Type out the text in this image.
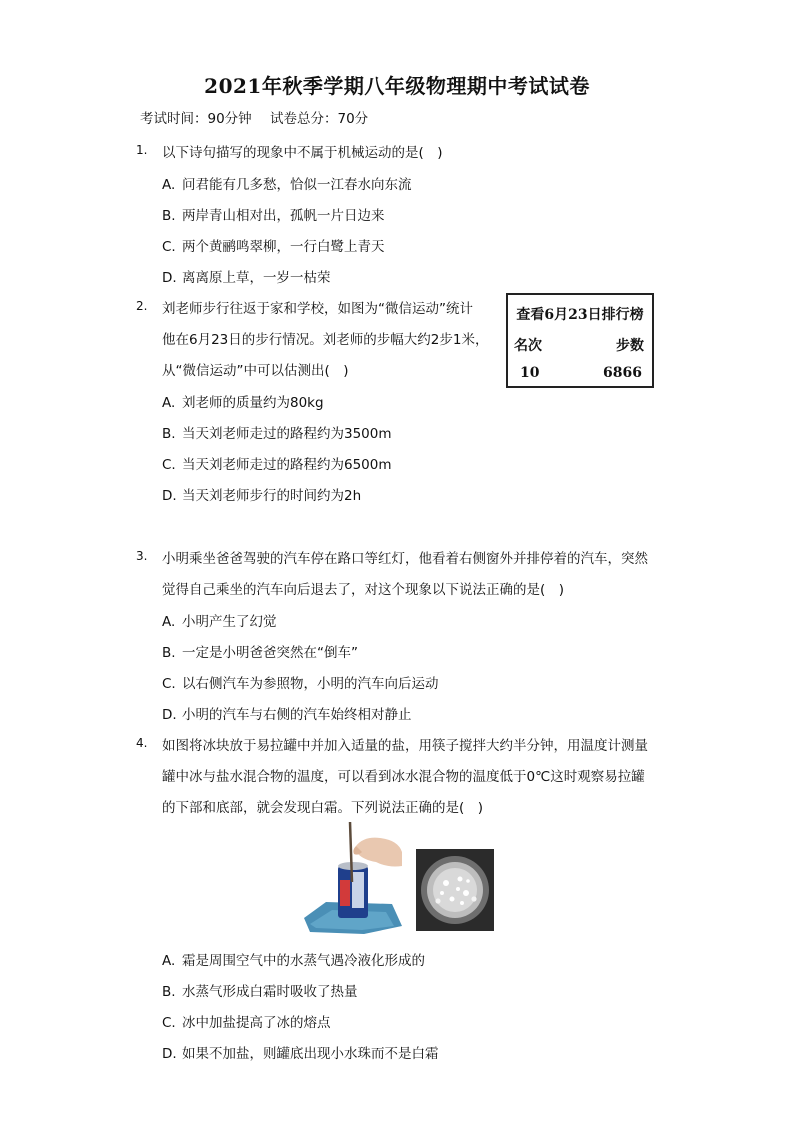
2021年秋季学期八年级物理期中考试试卷
考试时间：90分钟 试卷总分：70分
1. 以下诗句描写的现象中不属于机械运动的是(　)
A. 问君能有几多愁，恰似一江春水向东流
B. 两岸青山相对出，孤帆一片日边来
C. 两个黄鹂鸣翠柳，一行白鹭上青天
D. 离离原上草，一岁一枯荣
2. 刘老师步行往返于家和学校，如图为“微信运动”统计
他在6月23日的步行情况。刘老师的步幅大约2步1米，
从“微信运动”中可以估测出(　)
A. 刘老师的质量约为80kg
B. 当天刘老师走过的路程约为3500m
C. 当天刘老师走过的路程约为6500m
D. 当天刘老师步行的时间约为2h
查看6月23日排行榜
名次	步数
10	6866
3. 小明乘坐爸爸驾驶的汽车停在路口等红灯，他看着右侧窗外并排停着的汽车，突然
觉得自己乘坐的汽车向后退去了，对这个现象以下说法正确的是(　)
A. 小明产生了幻觉
B. 一定是小明爸爸突然在“倒车”
C. 以右侧汽车为参照物，小明的汽车向后运动
D. 小明的汽车与右侧的汽车始终相对静止
4. 如图将冰块放于易拉罐中并加入适量的盐，用筷子搅拌大约半分钟，用温度计测量
罐中冰与盐水混合物的温度，可以看到冰水混合物的温度低于0℃这时观察易拉罐
的下部和底部，就会发现白霜。下列说法正确的是(　)
A. 霜是周围空气中的水蒸气遇冷液化形成的
B. 水蒸气形成白霜时吸收了热量
C. 冰中加盐提高了冰的熔点
D. 如果不加盐，则罐底出现小水珠而不是白霜
